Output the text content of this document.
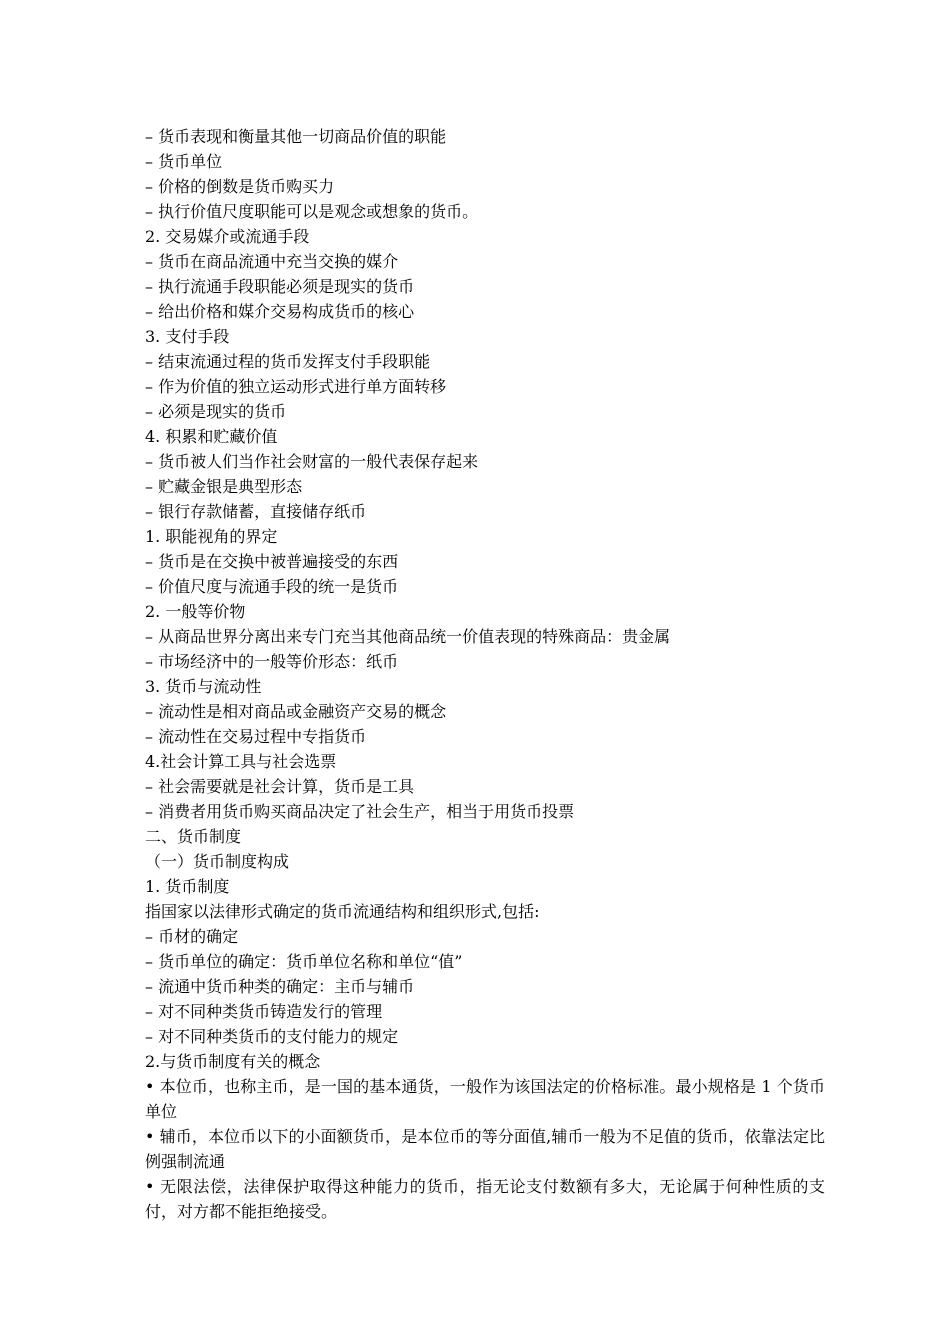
– 货币表现和衡量其他一切商品价值的职能

– 货币单位

– 价格的倒数是货币购买力

– 执行价值尺度职能可以是观念或想象的货币。

2. 交易媒介或流通手段

– 货币在商品流通中充当交换的媒介

– 执行流通手段职能必须是现实的货币

– 给出价格和媒介交易构成货币的核心

3. 支付手段

– 结束流通过程的货币发挥支付手段职能

– 作为价值的独立运动形式进行单方面转移

– 必须是现实的货币

4. 积累和贮藏价值

– 货币被人们当作社会财富的一般代表保存起来

– 贮藏金银是典型形态

– 银行存款储蓄，直接储存纸币

1. 职能视角的界定

– 货币是在交换中被普遍接受的东西

– 价值尺度与流通手段的统一是货币

2. 一般等价物

– 从商品世界分离出来专门充当其他商品统一价值表现的特殊商品：贵金属

– 市场经济中的一般等价形态：纸币

3. 货币与流动性

– 流动性是相对商品或金融资产交易的概念

– 流动性在交易过程中专指货币

4.社会计算工具与社会选票

– 社会需要就是社会计算，货币是工具

– 消费者用货币购买商品决定了社会生产，相当于用货币投票

二、货币制度

（一）货币制度构成

1. 货币制度

指国家以法律形式确定的货币流通结构和组织形式,包括:

– 币材的确定

– 货币单位的确定：货币单位名称和单位“值”

– 流通中货币种类的确定：主币与辅币

– 对不同种类货币铸造发行的管理

– 对不同种类货币的支付能力的规定

2.与货币制度有关的概念

• 本位币，也称主币，是一国的基本通货，一般作为该国法定的价格标准。最小规格是 1 个货币单位

• 辅币，本位币以下的小面额货币，是本位币的等分面值,辅币一般为不足值的货币，依靠法定比例强制流通

• 无限法偿，法律保护取得这种能力的货币，指无论支付数额有多大，无论属于何种性质的支付，对方都不能拒绝接受。
